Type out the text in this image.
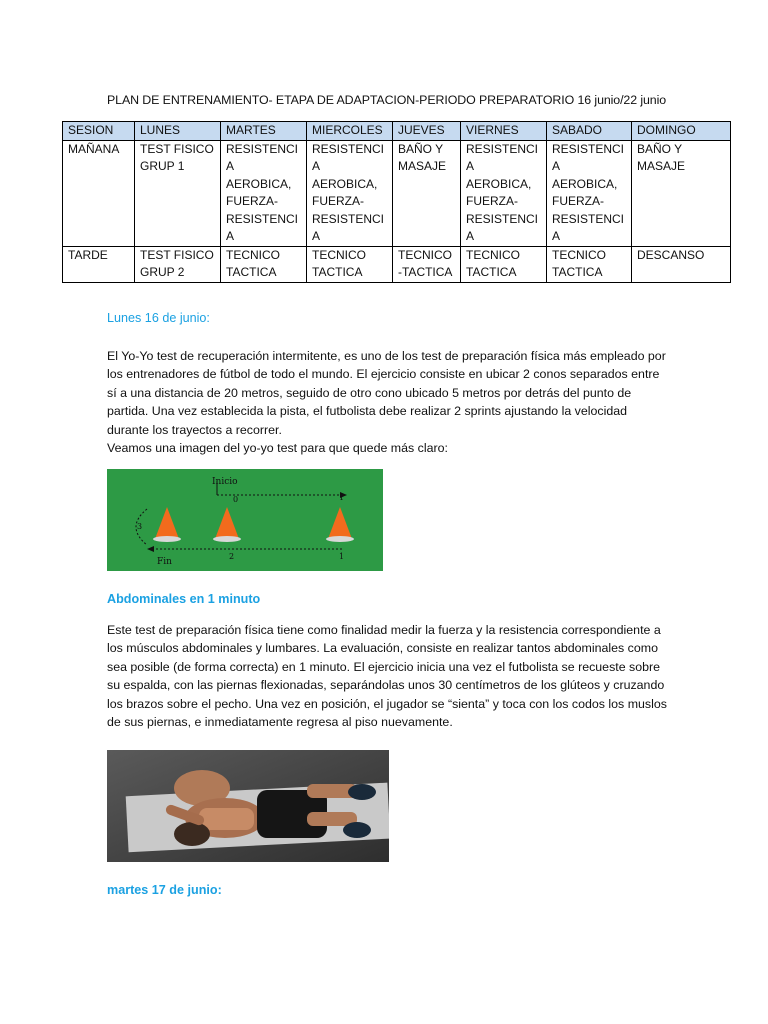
PLAN DE ENTRENAMIENTO- ETAPA DE ADAPTACION-PERIODO PREPARATORIO 16 junio/22 junio
SESION	LUNES	MARTES	MIERCOLES	JUEVES	VIERNES	SABADO	DOMINGO
MAÑANA	TEST FISICO GRUP 1	RESISTENCI A AEROBICA, FUERZA-RESISTENCI A	RESISTENCIA AEROBICA, FUERZA-RESISTENCIA	BAÑO Y MASAJE	RESISTENCIA AEROBICA, FUERZA-RESISTENCIA	RESISTENCI A AEROBICA, FUERZA-RESISTENCI A	BAÑO Y MASAJE
TARDE	TEST FISICO GRUP 2	TECNICO TACTICA	TECNICO TACTICA	TECNICO -TACTICA	TECNICO TACTICA	TECNICO TACTICA	DESCANSO
Lunes 16 de junio:

El Yo-Yo test de recuperación intermitente, es uno de los test de preparación física más empleado por los entrenadores de fútbol de todo el mundo. El ejercicio consiste en ubicar 2 conos separados entre sí a una distancia de 20 metros, seguido de otro cono ubicado 5 metros por detrás del punto de partida. Una vez establecida la pista, el futbolista debe realizar 2 sprints ajustando la velocidad durante los trayectos a recorrer.

Veamos una imagen del yo-yo test para que quede más claro:

Inicio
0	1
3
2	1
Fin
Abdominales en 1 minuto

Este test de preparación física tiene como finalidad medir la fuerza y la resistencia correspondiente a los músculos abdominales y lumbares. La evaluación, consiste en realizar tantos abdominales como sea posible (de forma correcta) en 1 minuto. El ejercicio inicia una vez el futbolista se recueste sobre su espalda, con las piernas flexionadas, separándolas unos 30 centímetros de los glúteos y cruzando los brazos sobre el pecho. Una vez en posición, el jugador se “sienta” y toca con los codos los muslos de sus piernas, e inmediatamente regresa al piso nuevamente.

martes 17 de junio:
